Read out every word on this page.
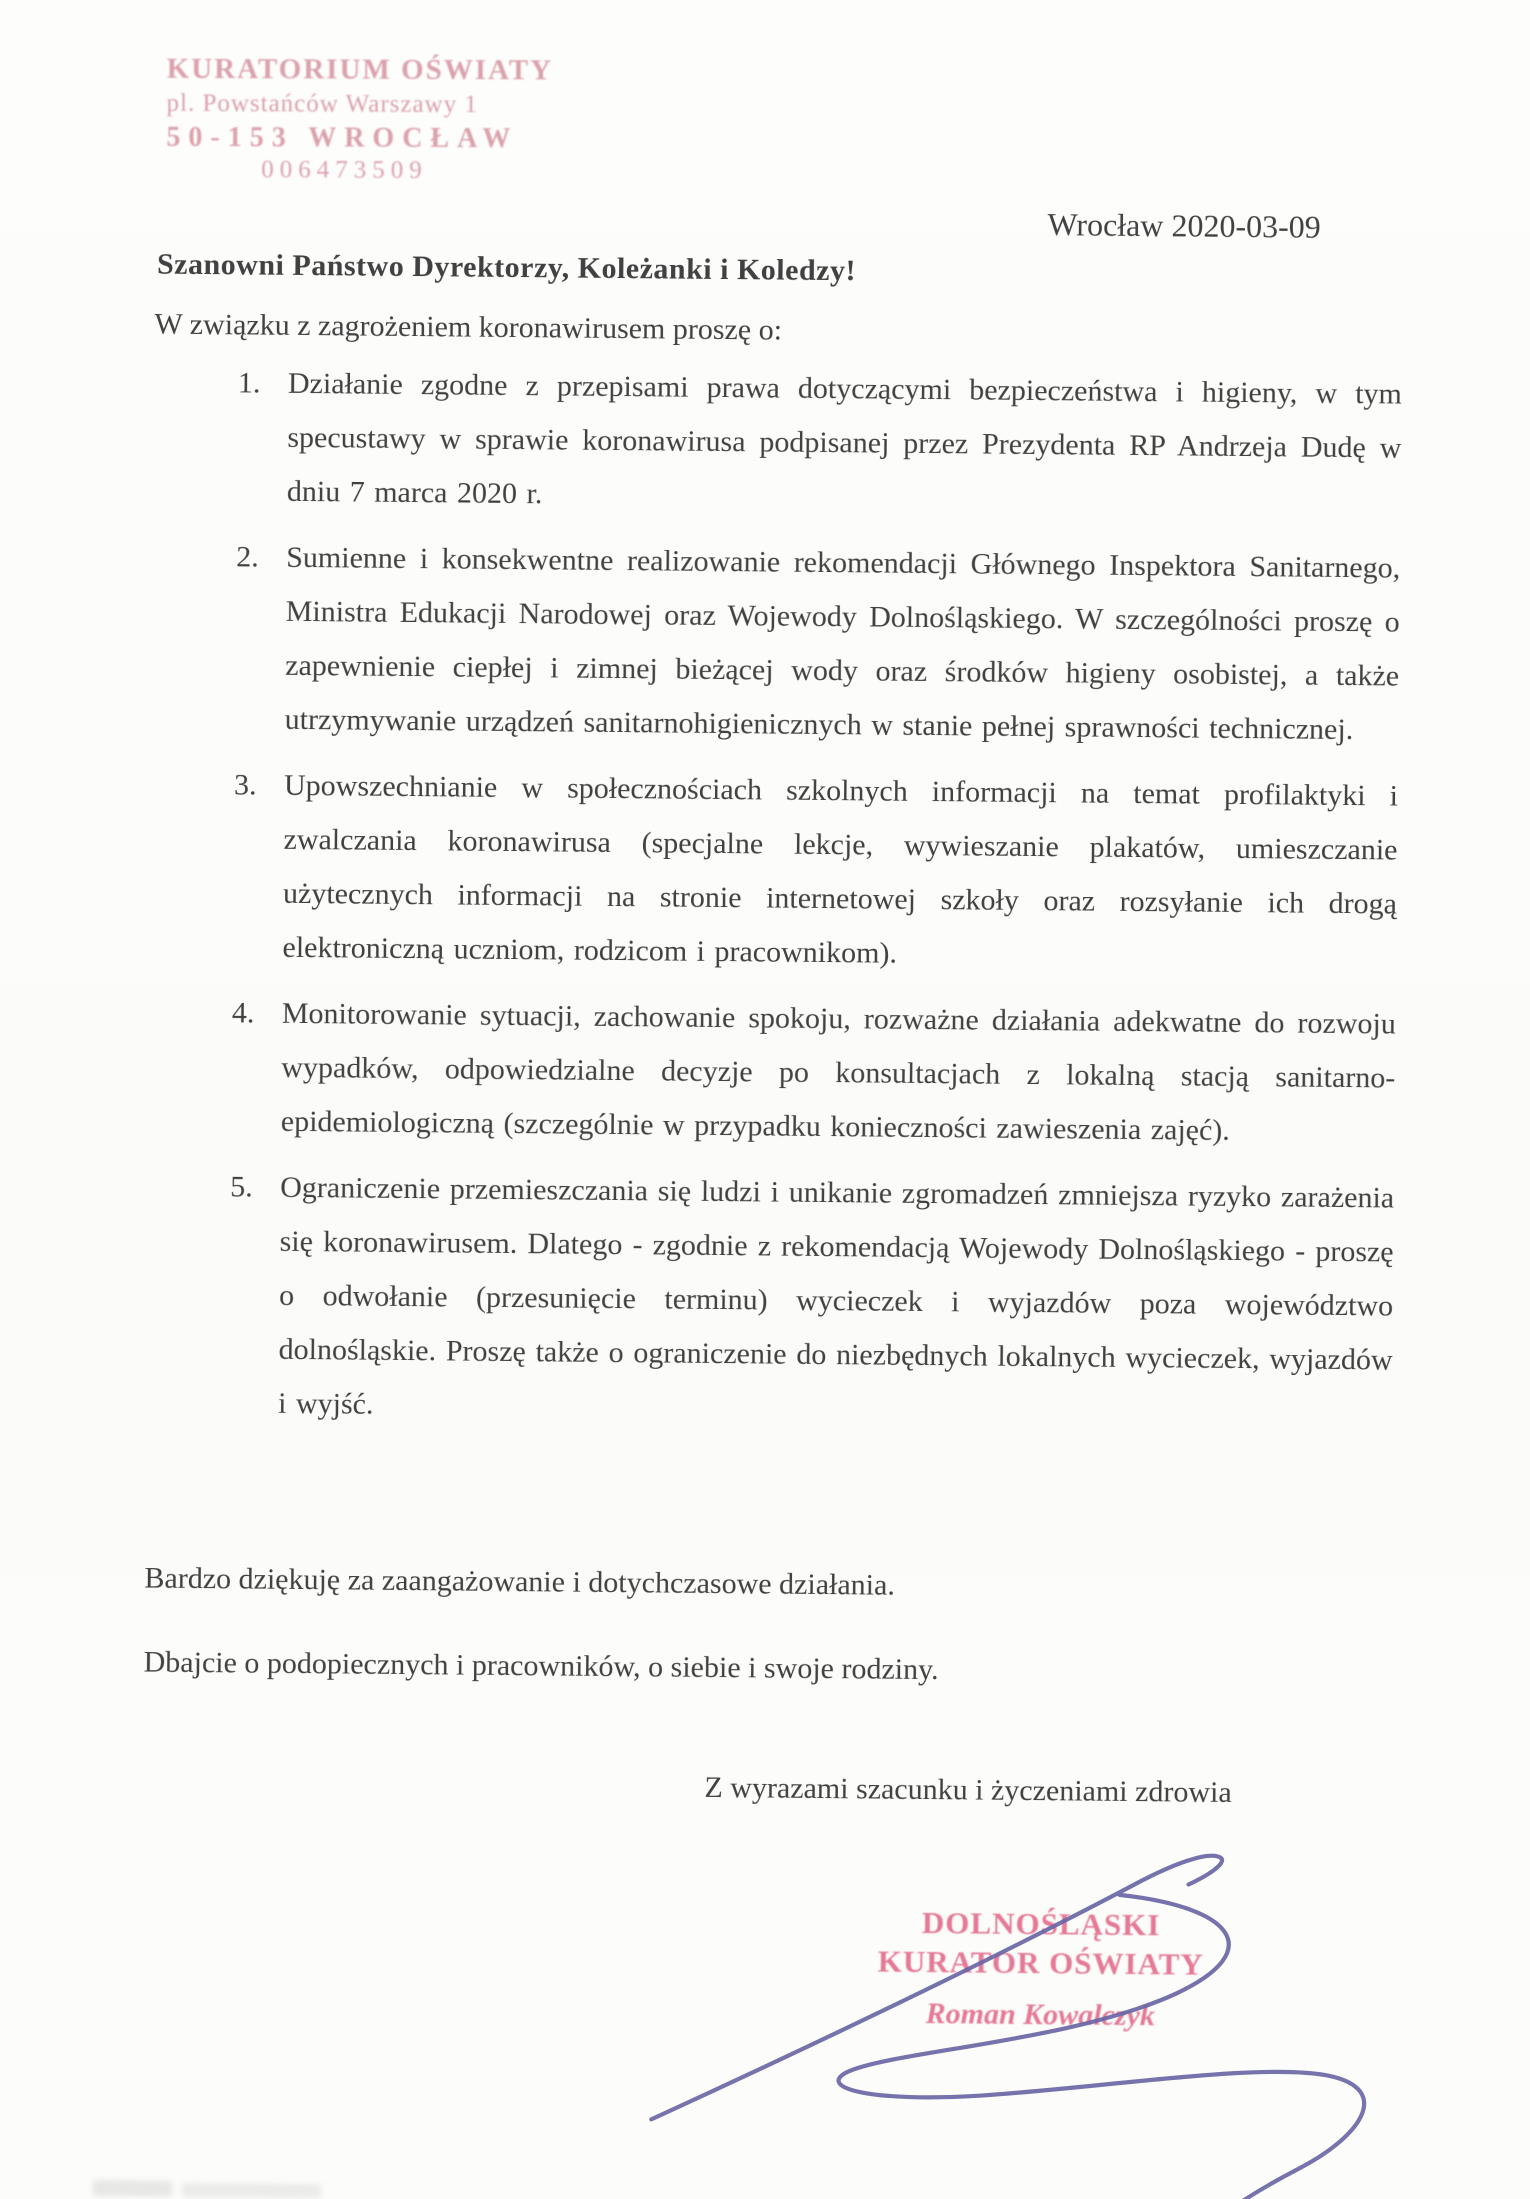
KURATORIUM OŚWIATY
pl. Powstańców Warszawy 1
50-153 WROCŁAW
006473509
Wrocław 2020-03-09
Szanowni Państwo Dyrektorzy, Koleżanki i Koledzy!
W związku z zagrożeniem koronawirusem proszę o:
1. Działanie zgodne z przepisami prawa dotyczącymi bezpieczeństwa i higieny, w tym specustawy w sprawie koronawirusa podpisanej przez Prezydenta RP Andrzeja Dudę w dniu 7 marca 2020 r.
2. Sumienne i konsekwentne realizowanie rekomendacji Głównego Inspektora Sanitarnego, Ministra Edukacji Narodowej oraz Wojewody Dolnośląskiego. W szczególności proszę o zapewnienie ciepłej i zimnej bieżącej wody oraz środków higieny osobistej, a także utrzymywanie urządzeń sanitarnohigienicznych w stanie pełnej sprawności technicznej.
3. Upowszechnianie w społecznościach szkolnych informacji na temat profilaktyki i zwalczania koronawirusa (specjalne lekcje, wywieszanie plakatów, umieszczanie użytecznych informacji na stronie internetowej szkoły oraz rozsyłanie ich drogą elektroniczną uczniom, rodzicom i pracownikom).
4. Monitorowanie sytuacji, zachowanie spokoju, rozważne działania adekwatne do rozwoju wypadków, odpowiedzialne decyzje po konsultacjach z lokalną stacją sanitarno-epidemiologiczną (szczególnie w przypadku konieczności zawieszenia zajęć).
5. Ograniczenie przemieszczania się ludzi i unikanie zgromadzeń zmniejsza ryzyko zarażenia się koronawirusem. Dlatego - zgodnie z rekomendacją Wojewody Dolnośląskiego - proszę o odwołanie (przesunięcie terminu) wycieczek i wyjazdów poza województwo dolnośląskie. Proszę także o ograniczenie do niezbędnych lokalnych wycieczek, wyjazdów i wyjść.
Bardzo dziękuję za zaangażowanie i dotychczasowe działania.
Dbajcie o podopiecznych i pracowników, o siebie i swoje rodziny.
Z wyrazami szacunku i życzeniami zdrowia
DOLNOŚLĄSKI
KURATOR OŚWIATY
Roman Kowalczyk
